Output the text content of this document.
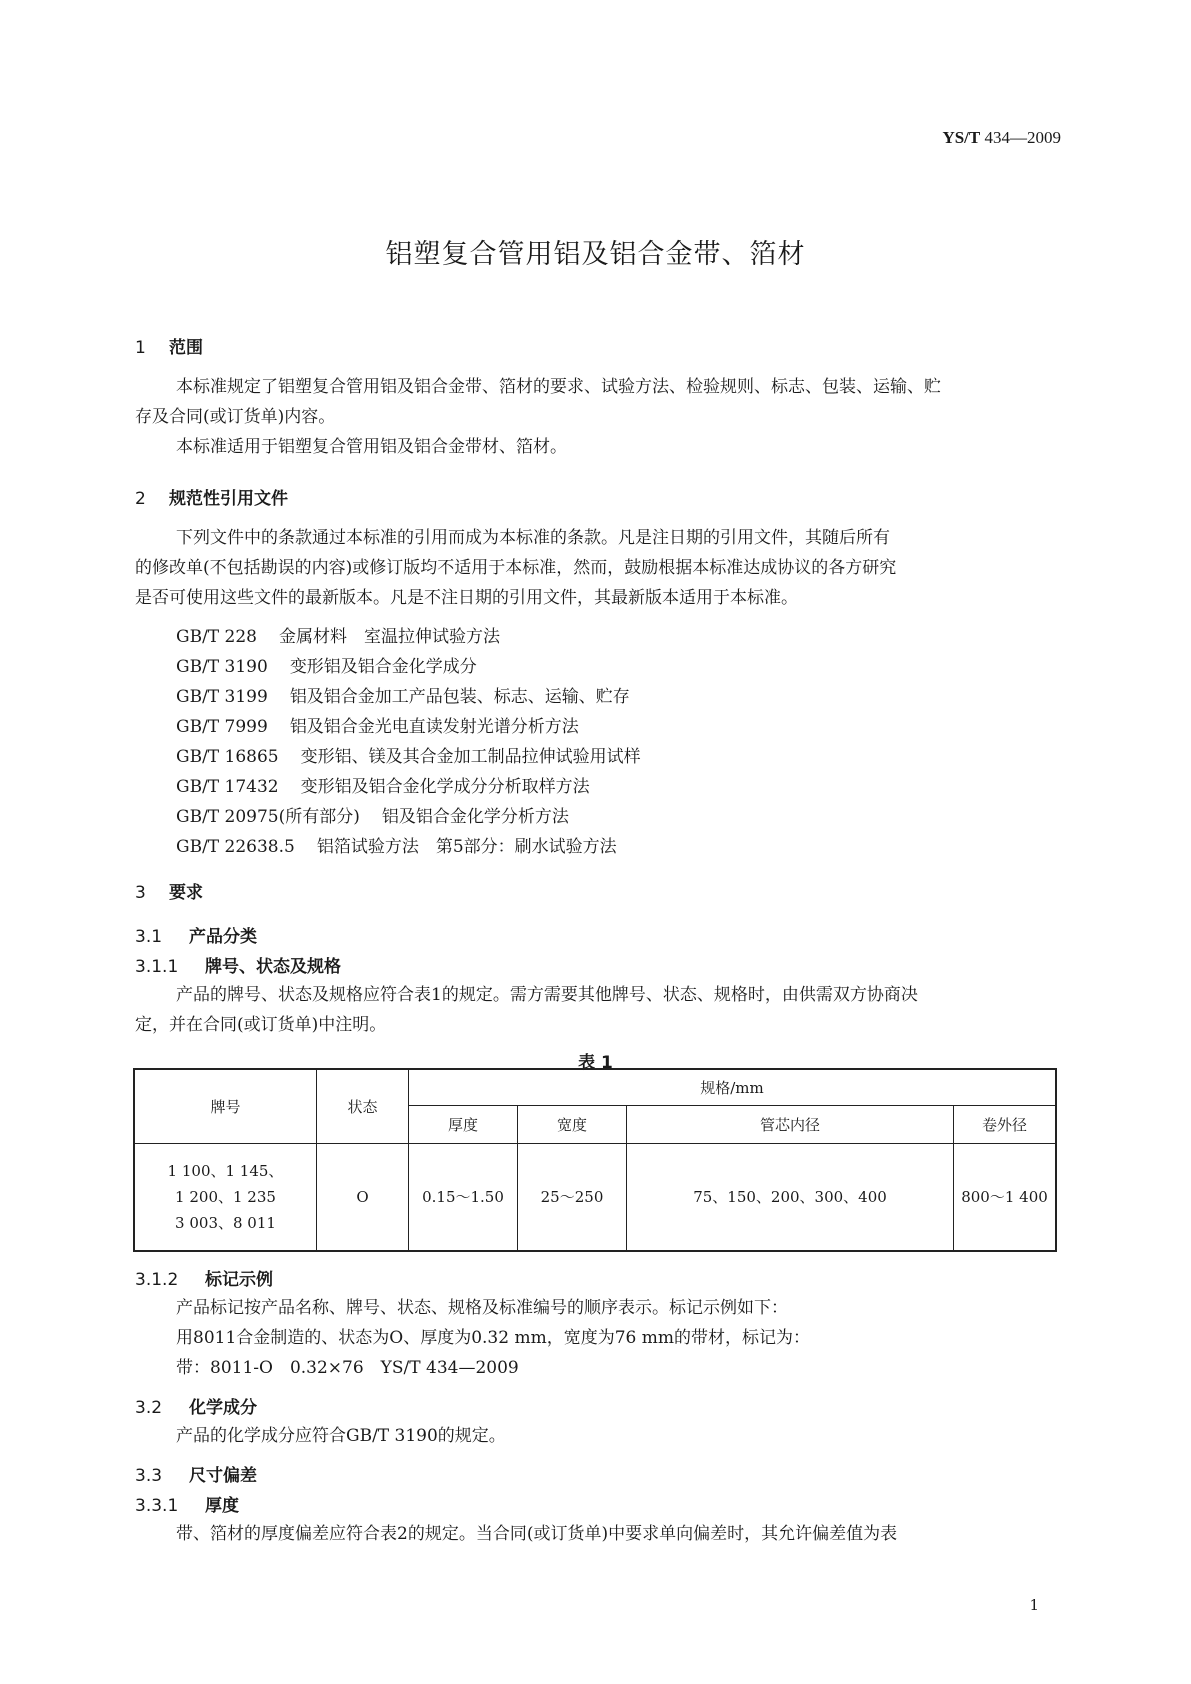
YS/T 434—2009
铝塑复合管用铝及铝合金带、箔材
1 范围
本标准规定了铝塑复合管用铝及铝合金带、箔材的要求、试验方法、检验规则、标志、包装、运输、贮
存及合同(或订货单)内容。
本标准适用于铝塑复合管用铝及铝合金带材、箔材。
2 规范性引用文件
下列文件中的条款通过本标准的引用而成为本标准的条款。凡是注日期的引用文件，其随后所有
的修改单(不包括勘误的内容)或修订版均不适用于本标准，然而，鼓励根据本标准达成协议的各方研究
是否可使用这些文件的最新版本。凡是不注日期的引用文件，其最新版本适用于本标准。
GB/T 228 金属材料　室温拉伸试验方法
GB/T 3190 变形铝及铝合金化学成分
GB/T 3199 铝及铝合金加工产品包装、标志、运输、贮存
GB/T 7999 铝及铝合金光电直读发射光谱分析方法
GB/T 16865 变形铝、镁及其合金加工制品拉伸试验用试样
GB/T 17432 变形铝及铝合金化学成分分析取样方法
GB/T 20975(所有部分) 铝及铝合金化学分析方法
GB/T 22638.5 铝箔试验方法　第5部分：刷水试验方法
3 要求
3.1 产品分类
3.1.1 牌号、状态及规格
产品的牌号、状态及规格应符合表1的规定。需方需要其他牌号、状态、规格时，由供需双方协商决
定，并在合同(或订货单)中注明。
表 1
牌号	状态	规格/mm			
		厚度	宽度	管芯内径	卷外径

1 100、1 145、
1 200、1 235
3 003、8 011	O	0.15～1.50	25～250	75、150、200、300、400	800～1 400
3.1.2 标记示例
产品标记按产品名称、牌号、状态、规格及标准编号的顺序表示。标记示例如下：
用8011合金制造的、状态为O、厚度为0.32 mm，宽度为76 mm的带材，标记为：
带：8011-O　0.32×76　YS/T 434—2009
3.2 化学成分
产品的化学成分应符合GB/T 3190的规定。
3.3 尺寸偏差
3.3.1 厚度
带、箔材的厚度偏差应符合表2的规定。当合同(或订货单)中要求单向偏差时，其允许偏差值为表
1
